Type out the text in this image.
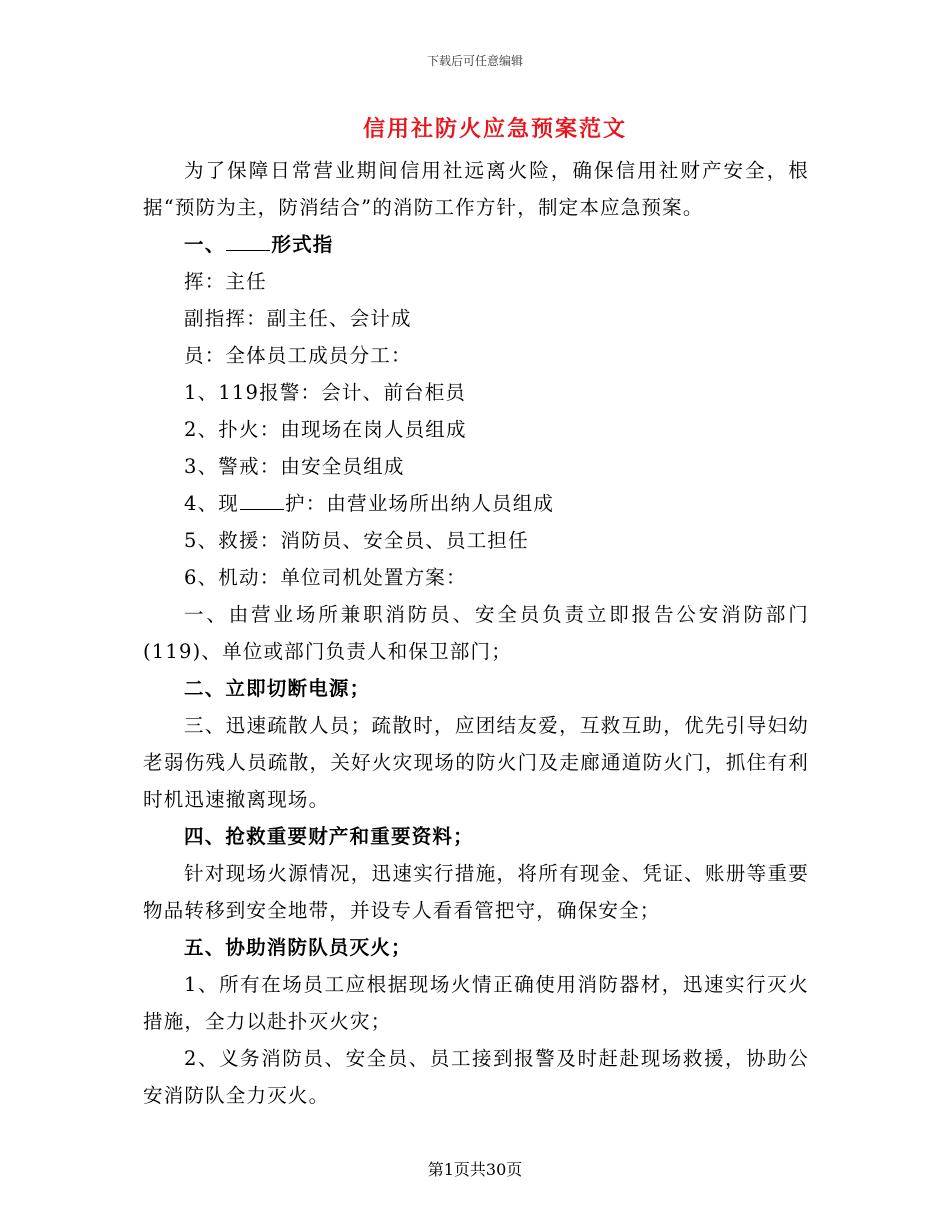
下载后可任意编辑
信用社防火应急预案范文

为了保障日常营业期间信用社远离火险，确保信用社财产安全，根据“预防为主，防消结合”的消防工作方针，制定本应急预案。

一、 形式指

挥：主任

副指挥：副主任、会计成

员：全体员工成员分工：

1、119报警：会计、前台柜员

2、扑火：由现场在岗人员组成

3、警戒：由安全员组成

4、现 护：由营业场所出纳人员组成

5、救援：消防员、安全员、员工担任

6、机动：单位司机处置方案：

一、由营业场所兼职消防员、安全员负责立即报告公安消防部门(119)、单位或部门负责人和保卫部门；

二、立即切断电源；

三、迅速疏散人员；疏散时，应团结友爱，互救互助，优先引导妇幼老弱伤残人员疏散，关好火灾现场的防火门及走廊通道防火门，抓住有利时机迅速撤离现场。

四、抢救重要财产和重要资料；

针对现场火源情况，迅速实行措施，将所有现金、凭证、账册等重要物品转移到安全地带，并设专人看看管把守，确保安全；

五、协助消防队员灭火；

1、所有在场员工应根据现场火情正确使用消防器材，迅速实行灭火措施，全力以赴扑灭火灾；

2、义务消防员、安全员、员工接到报警及时赶赴现场救援，协助公安消防队全力灭火。

第1页共30页
